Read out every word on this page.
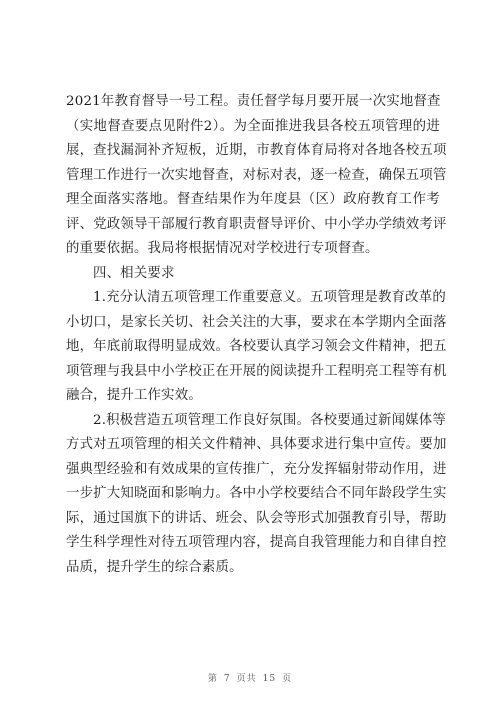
2021年教育督导一号工程。责任督学每月要开展一次实地督查
（实地督查要点见附件2）。为全面推进我县各校五项管理的进
展，查找漏洞补齐短板，近期，市教育体育局将对各地各校五项
管理工作进行一次实地督查，对标对表，逐一检查，确保五项管
理全面落实落地。督查结果作为年度县（区）政府教育工作考
评、党政领导干部履行教育职责督导评价、中小学办学绩效考评
的重要依据。我局将根据情况对学校进行专项督查。
四、相关要求
1.充分认清五项管理工作重要意义。五项管理是教育改革的
小切口，是家长关切、社会关注的大事，要求在本学期内全面落
地，年底前取得明显成效。各校要认真学习领会文件精神，把五
项管理与我县中小学校正在开展的阅读提升工程明亮工程等有机
融合，提升工作实效。
2.积极营造五项管理工作良好氛围。各校要通过新闻媒体等
方式对五项管理的相关文件精神、具体要求进行集中宣传。要加
强典型经验和有效成果的宣传推广，充分发挥辐射带动作用，进
一步扩大知晓面和影响力。各中小学校要结合不同年龄段学生实
际，通过国旗下的讲话、班会、队会等形式加强教育引导，帮助
学生科学理性对待五项管理内容，提高自我管理能力和自律自控
品质，提升学生的综合素质。
第 7 页共 15 页
